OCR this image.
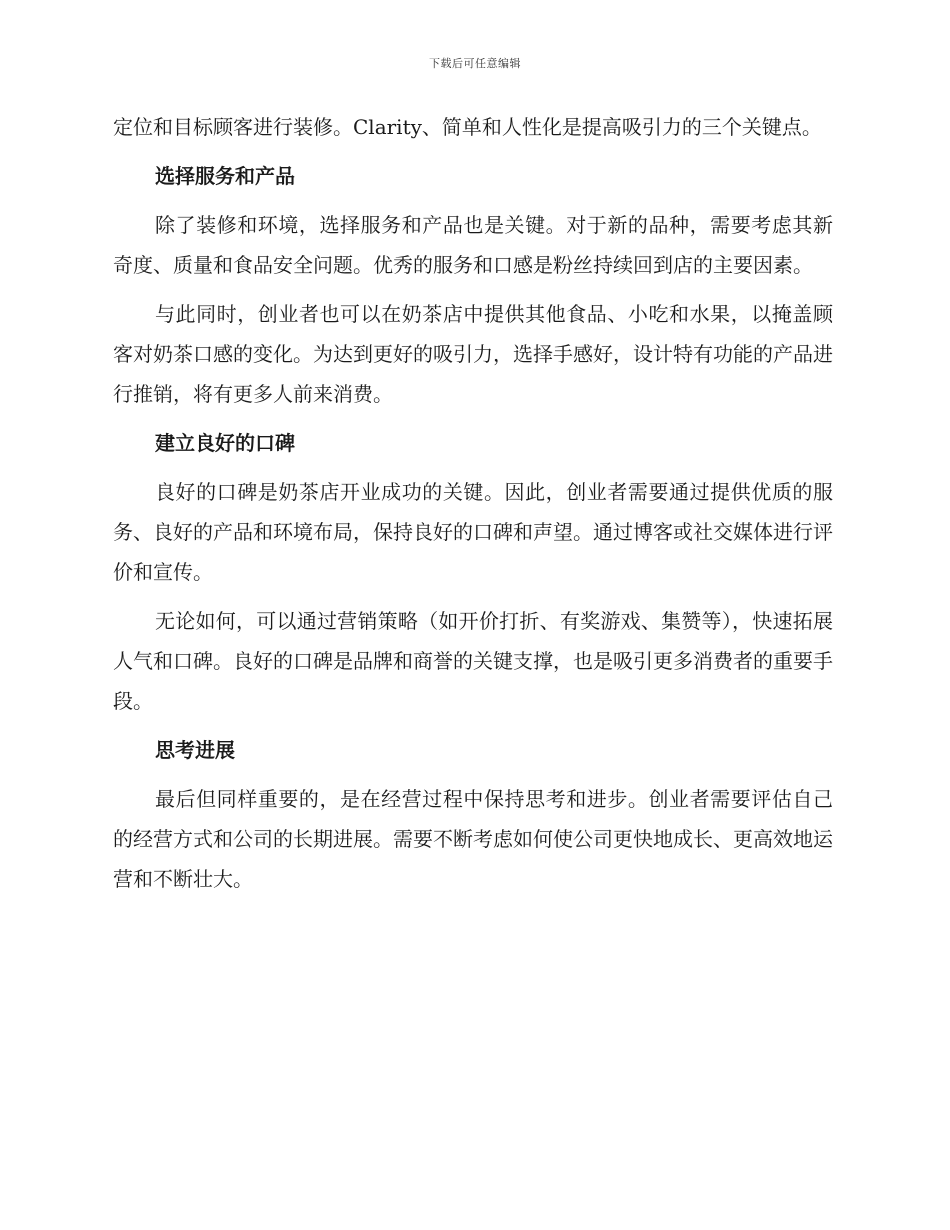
下载后可任意编辑

定位和目标顾客进行装修。Clarity、简单和人性化是提高吸引力的三个关键点。

选择服务和产品

除了装修和环境，选择服务和产品也是关键。对于新的品种，需要考虑其新奇度、质量和食品安全问题。优秀的服务和口感是粉丝持续回到店的主要因素。

与此同时，创业者也可以在奶茶店中提供其他食品、小吃和水果，以掩盖顾客对奶茶口感的变化。为达到更好的吸引力，选择手感好，设计特有功能的产品进行推销，将有更多人前来消费。

建立良好的口碑

良好的口碑是奶茶店开业成功的关键。因此，创业者需要通过提供优质的服务、良好的产品和环境布局，保持良好的口碑和声望。通过博客或社交媒体进行评价和宣传。

无论如何，可以通过营销策略（如开价打折、有奖游戏、集赞等），快速拓展人气和口碑。良好的口碑是品牌和商誉的关键支撑，也是吸引更多消费者的重要手段。

思考进展

最后但同样重要的，是在经营过程中保持思考和进步。创业者需要评估自己的经营方式和公司的长期进展。需要不断考虑如何使公司更快地成长、更高效地运营和不断壮大。
